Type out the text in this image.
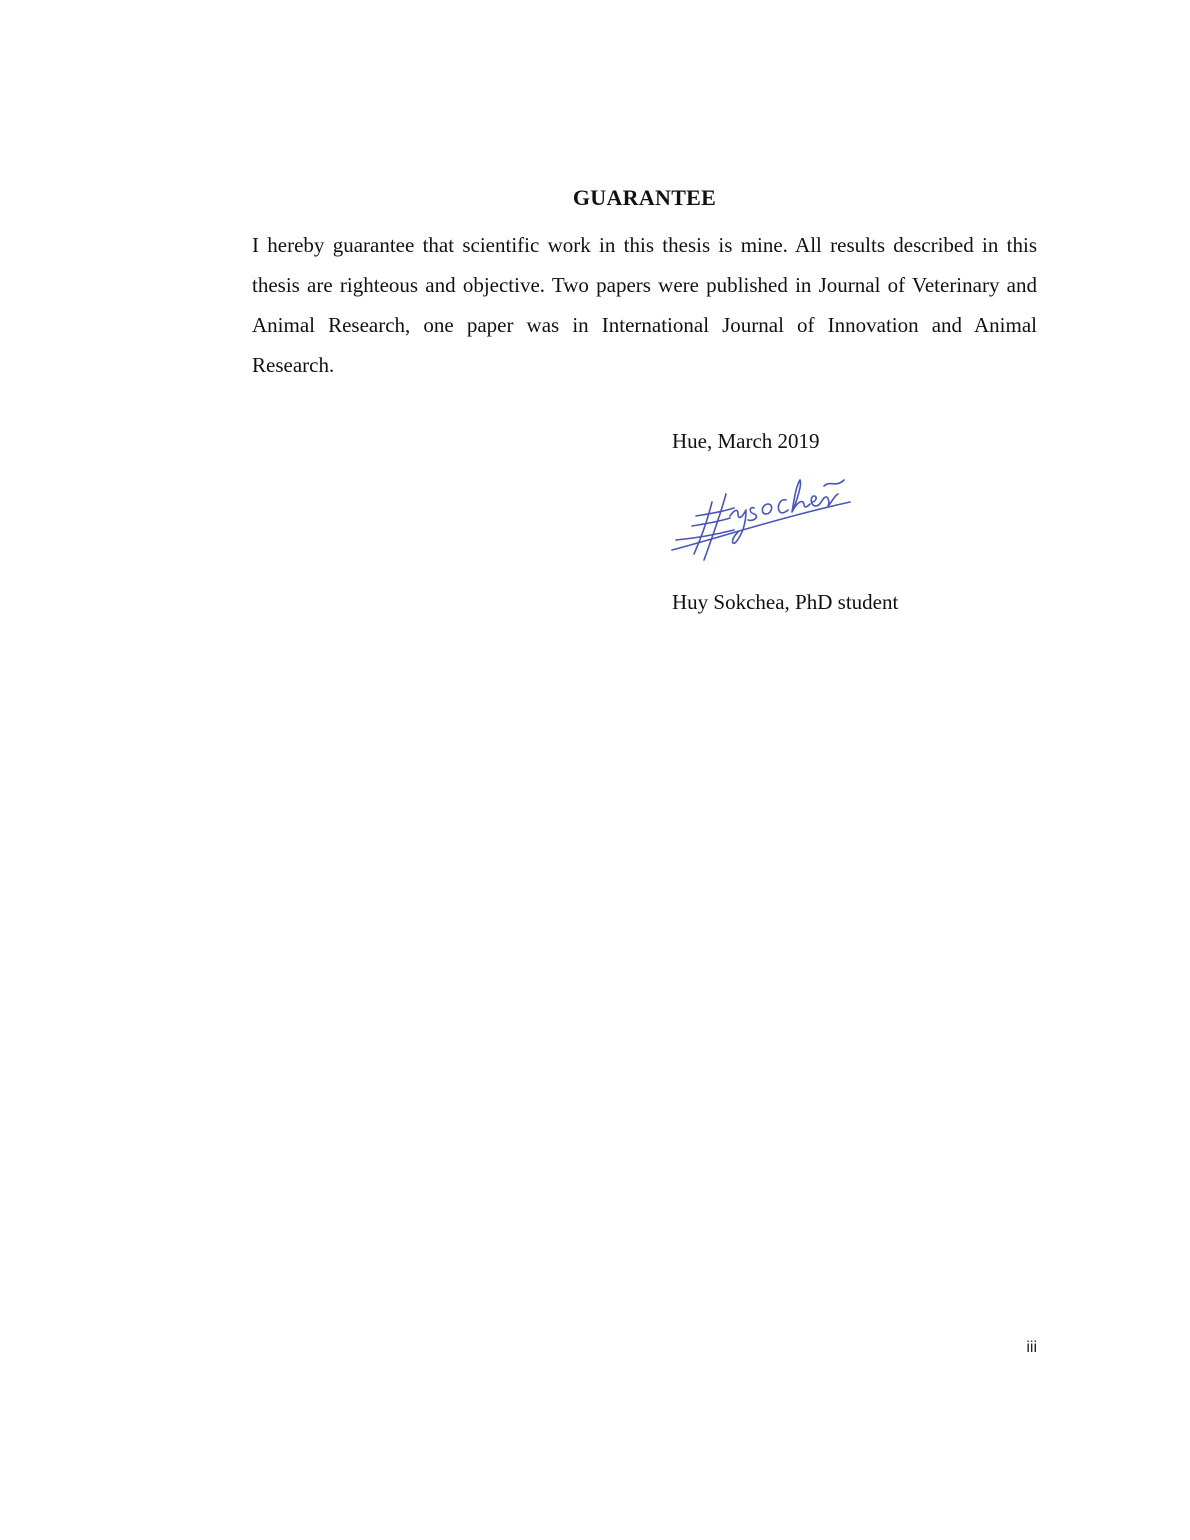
GUARANTEE

I hereby guarantee that scientific work in this thesis is mine. All results described in this thesis are righteous and objective. Two papers were published in Journal of Veterinary and Animal Research, one paper was in International Journal of Innovation and Animal Research.

Hue, March 2019
Huy Sokchea, PhD student
iii
